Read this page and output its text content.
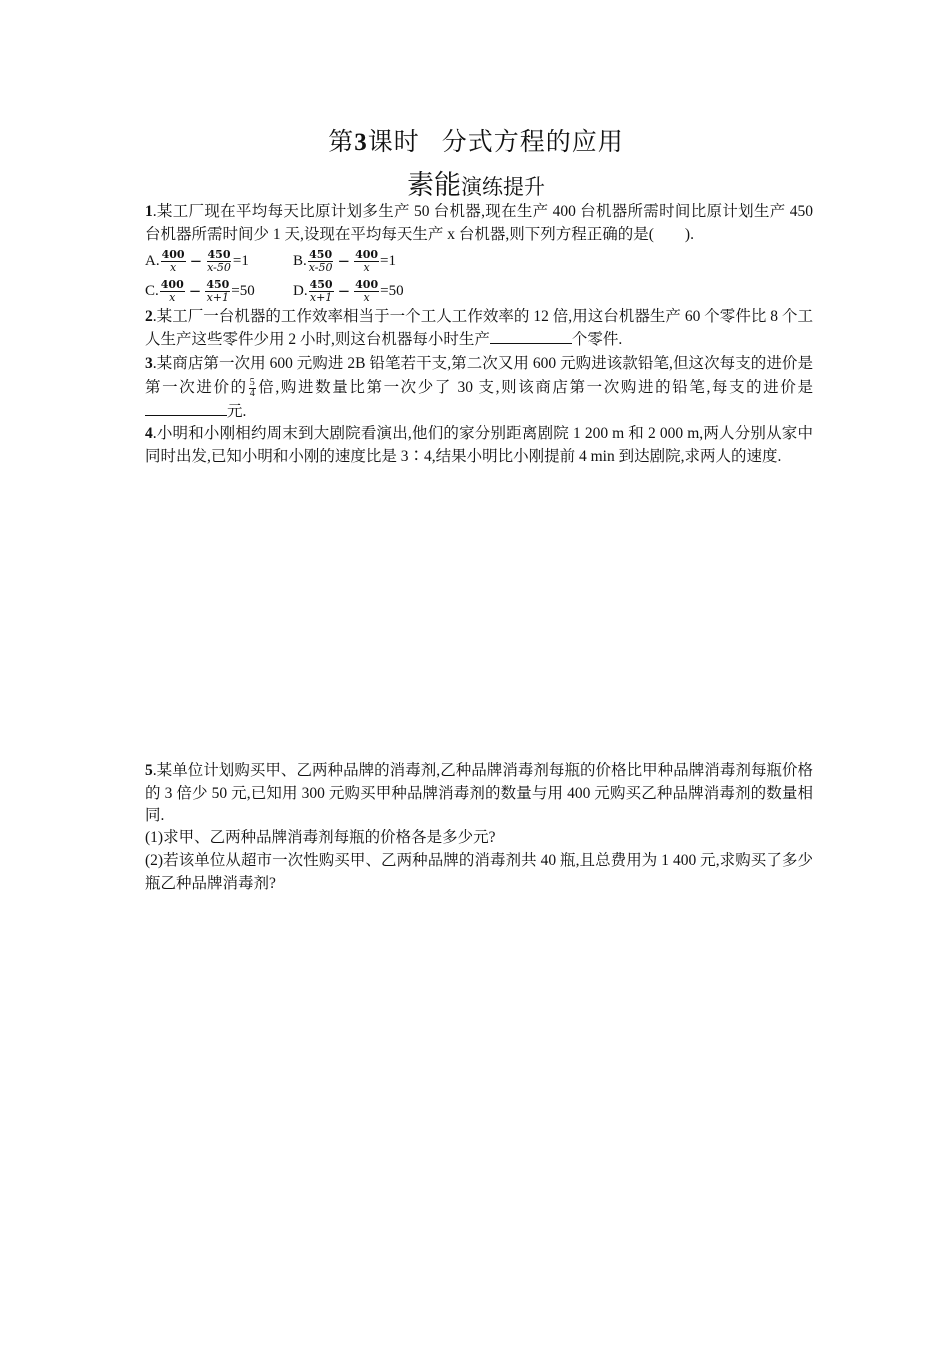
第3课时 分式方程的应用
素能演练提升
1.某工厂现在平均每天比原计划多生产 50 台机器,现在生产 400 台机器所需时间比原计划生产 450 台机器所需时间少 1 天,设现在平均每天生产 x 台机器,则下列方程正确的是(　　).
A. $\frac{400}{x} - \frac{450}{x-50} =1$	B. $\frac{450}{x-50} - \frac{400}{x} =1$
C. $\frac{400}{x} - \frac{450}{x+1} =50$	D. $\frac{450}{x+1} - \frac{400}{x} =50$
2.某工厂一台机器的工作效率相当于一个工人工作效率的 12 倍,用这台机器生产 60 个零件比 8 个工人生产这些零件少用 2 小时,则这台机器每小时生产	个零件.
3.某商店第一次用 600 元购进 2B 铅笔若干支,第二次又用 600 元购进该款铅笔,但这次每支的进价是第一次进价的 $\frac{5}{4}$ 倍,购进数量比第一次少了 30 支,则该商店第一次购进的铅笔,每支的进价是元.
4.小明和小刚相约周末到大剧院看演出,他们的家分别距离剧院 1 200 m 和 2 000 m,两人分别从家中同时出发,已知小明和小刚的速度比是 3∶4,结果小明比小刚提前 4 min 到达剧院,求两人的速度.
5.某单位计划购买甲、乙两种品牌的消毒剂,乙种品牌消毒剂每瓶的价格比甲种品牌消毒剂每瓶价格的 3 倍少 50 元,已知用 300 元购买甲种品牌消毒剂的数量与用 400 元购买乙种品牌消毒剂的数量相同.
(1)求甲、乙两种品牌消毒剂每瓶的价格各是多少元?
(2)若该单位从超市一次性购买甲、乙两种品牌的消毒剂共 40 瓶,且总费用为 1 400 元,求购买了多少瓶乙种品牌消毒剂?
